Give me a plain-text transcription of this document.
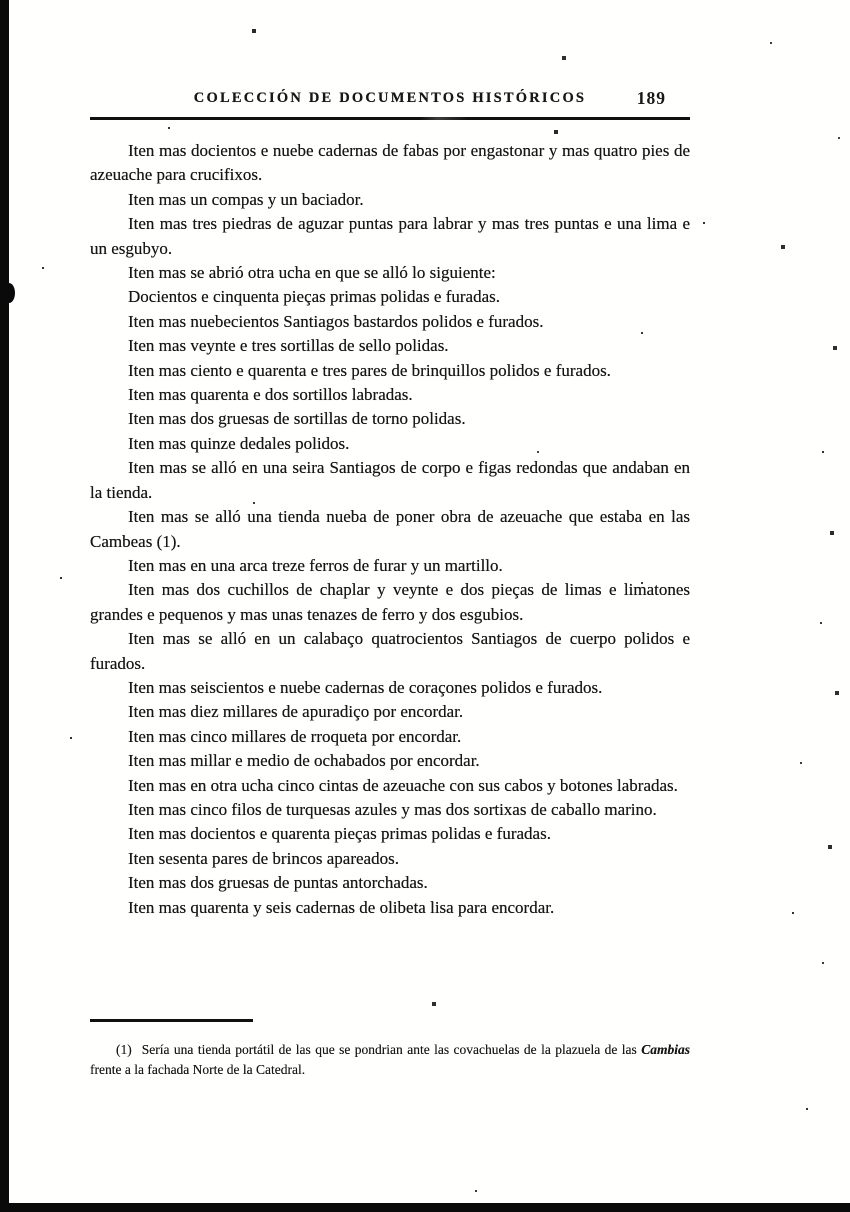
COLECCIÓN DE DOCUMENTOS HISTÓRICOS	189

Iten mas docientos e nuebe cadernas de fabas por engastonar y mas quatro pies de azeuache para crucifixos.

Iten mas un compas y un baciador.

Iten mas tres piedras de aguzar puntas para labrar y mas tres puntas e una lima e un esgubyo.

Iten mas se abrió otra ucha en que se alló lo siguiente:

Docientos e cinquenta pieças primas polidas e furadas.

Iten mas nuebecientos Santiagos bastardos polidos e furados.

Iten mas veynte e tres sortillas de sello polidas.

Iten mas ciento e quarenta e tres pares de brinquillos polidos e furados.

Iten mas quarenta e dos sortillos labradas.

Iten mas dos gruesas de sortillas de torno polidas.

Iten mas quinze dedales polidos.

Iten mas se alló en una seira Santiagos de corpo e figas redondas que andaban en la tienda.

Iten mas se alló una tienda nueba de poner obra de azeuache que estaba en las Cambeas (1).

Iten mas en una arca treze ferros de furar y un martillo.

Iten mas dos cuchillos de chaplar y veynte e dos pieças de limas e limatones grandes e pequenos y mas unas tenazes de ferro y dos esgubios.

Iten mas se alló en un calabaço quatrocientos Santiagos de cuerpo polidos e furados.

Iten mas seiscientos e nuebe cadernas de coraçones polidos e furados.

Iten mas diez millares de apuradiço por encordar.

Iten mas cinco millares de rroqueta por encordar.

Iten mas millar e medio de ochabados por encordar.

Iten mas en otra ucha cinco cintas de azeuache con sus cabos y botones labradas.

Iten mas cinco filos de turquesas azules y mas dos sortixas de caballo marino.

Iten mas docientos e quarenta pieças primas polidas e furadas.

Iten sesenta pares de brincos apareados.

Iten mas dos gruesas de puntas antorchadas.

Iten mas quarenta y seis cadernas de olibeta lisa para encordar.

(1) Sería una tienda portátil de las que se pondrian ante las covachuelas de la plazuela de las Cambias frente a la fachada Norte de la Catedral.
